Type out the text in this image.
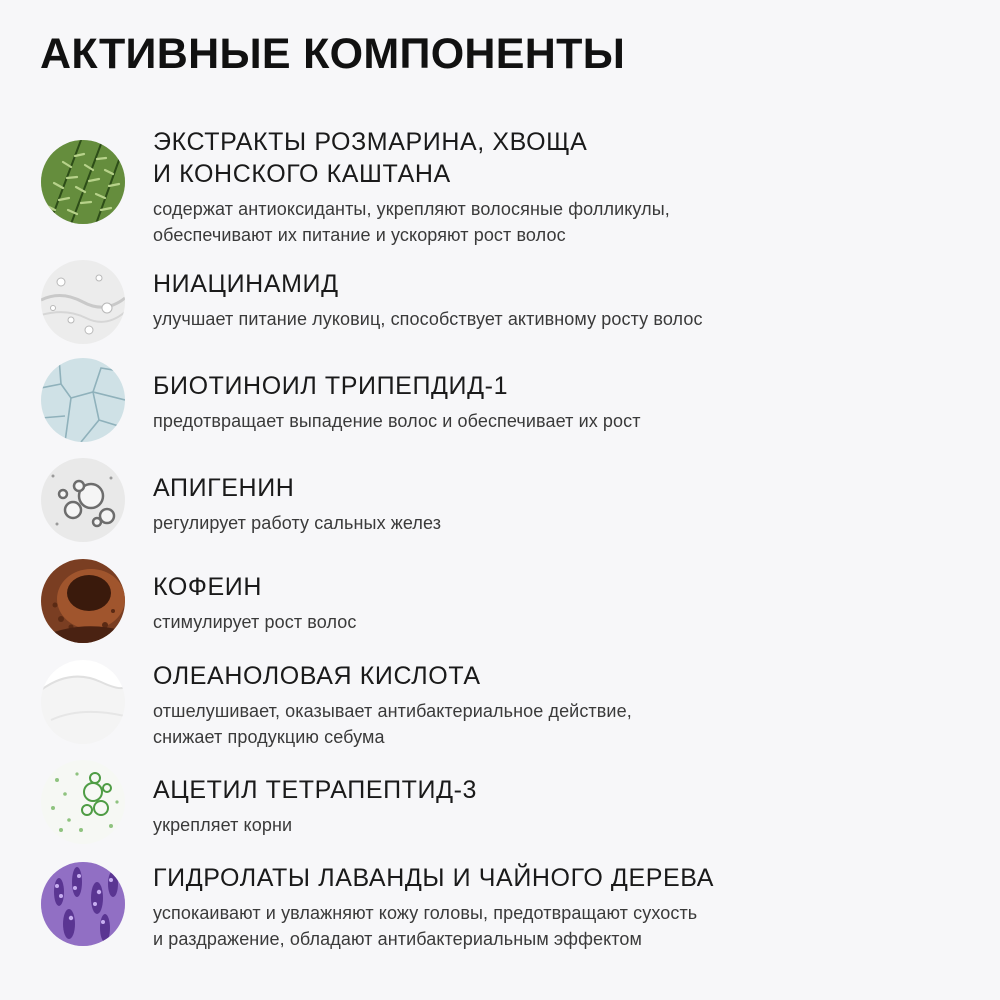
АКТИВНЫЕ КОМПОНЕНТЫ
ЭКСТРАКТЫ РОЗМАРИНА, ХВОЩА
И КОНСКОГО КАШТАНА
содержат антиоксиданты, укрепляют волосяные фолликулы,
обеспечивают их питание и ускоряют рост волос
НИАЦИНАМИД
улучшает питание луковиц, способствует активному росту волос
БИОТИНОИЛ ТРИПЕПДИД-1
предотвращает выпадение волос и обеспечивает их рост
АПИГЕНИН
регулирует работу сальных желез
КОФЕИН
стимулирует рост волос
ОЛЕАНОЛОВАЯ КИСЛОТА
отшелушивает, оказывает антибактериальное действие,
снижает продукцию себума
АЦЕТИЛ ТЕТРАПЕПТИД-3
укрепляет корни
ГИДРОЛАТЫ ЛАВАНДЫ И ЧАЙНОГО ДЕРЕВА
успокаивают и увлажняют кожу головы, предотвращают сухость
и раздражение, обладают антибактериальным эффектом
